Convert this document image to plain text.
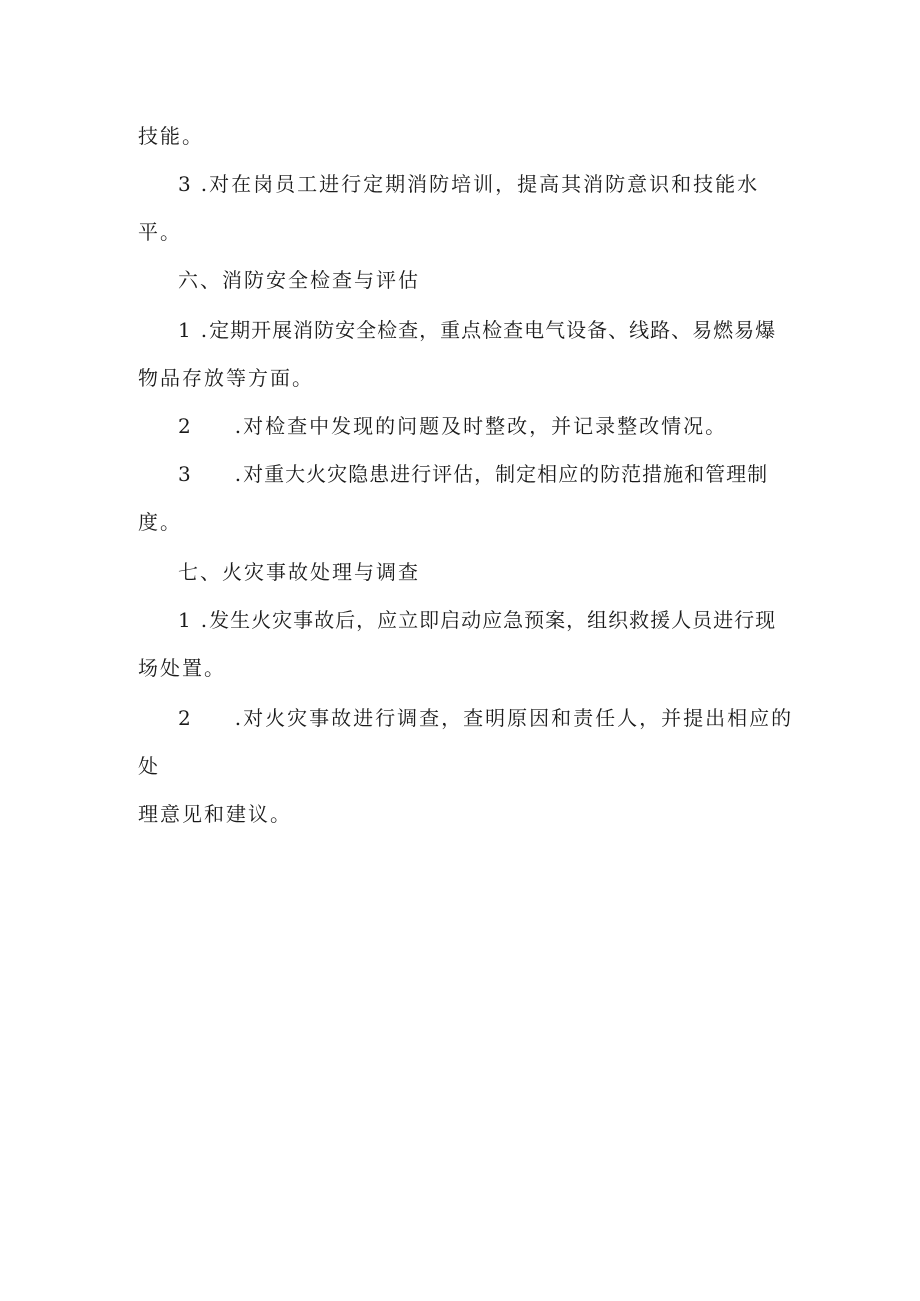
技能。
3 .对在岗员工进行定期消防培训，提高其消防意识和技能水
平。
六、消防安全检查与评估
1 .定期开展消防安全检查，重点检查电气设备、线路、易燃易爆
物品存放等方面。
2 .对检查中发现的问题及时整改，并记录整改情况。
3 .对重大火灾隐患进行评估，制定相应的防范措施和管理制
度。
七、火灾事故处理与调查
1 .发生火灾事故后，应立即启动应急预案，组织救援人员进行现
场处置。
2 .对火灾事故进行调查，查明原因和责任人，并提出相应的
处
理意见和建议。
